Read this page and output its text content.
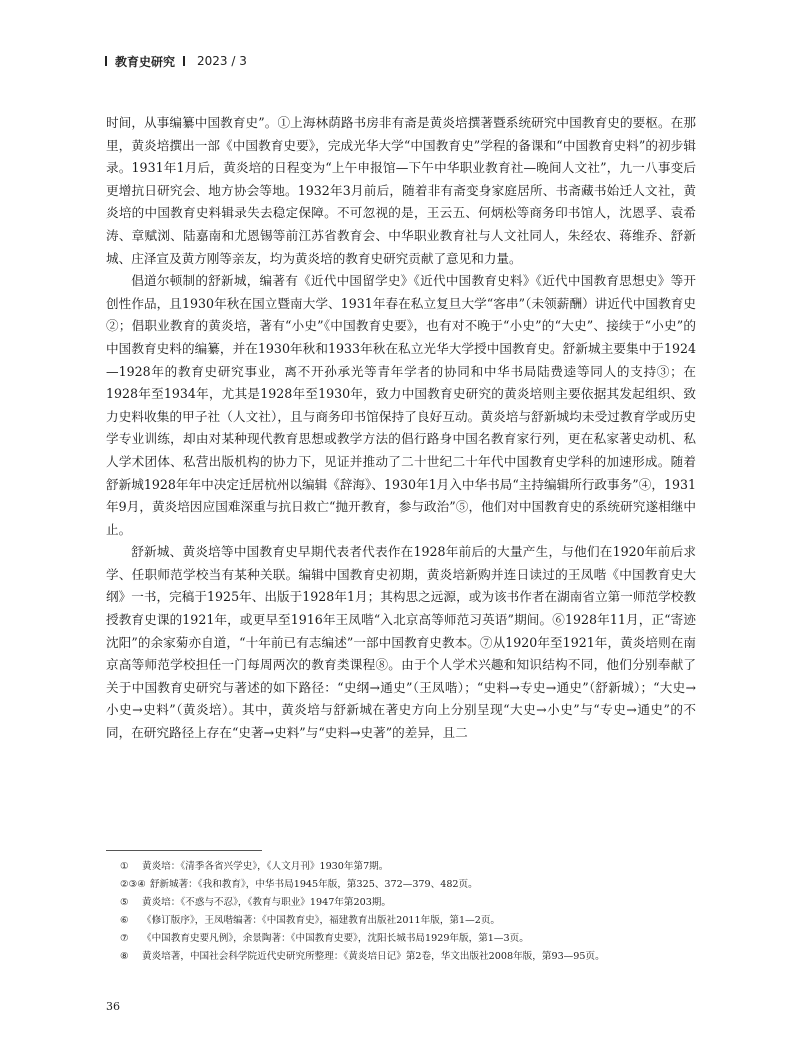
教育史研究 2023 / 3

时间，从事编纂中国教育史”。①上海林荫路书房非有斋是黄炎培撰著暨系统研究中国教育史的要枢。在那里，黄炎培撰出一部《中国教育史要》，完成光华大学“中国教育史”学程的备课和“中国教育史料”的初步辑录。1931年1月后，黄炎培的日程变为“上午申报馆—下午中华职业教育社—晚间人文社”，九一八事变后更增抗日研究会、地方协会等地。1932年3月前后，随着非有斋变身家庭居所、书斋藏书始迁人文社，黄炎培的中国教育史料辑录失去稳定保障。不可忽视的是，王云五、何炳松等商务印书馆人，沈恩孚、袁希涛、章赋浏、陆嘉南和尤恩锡等前江苏省教育会、中华职业教育社与人文社同人，朱经农、蒋维乔、舒新城、庄泽宣及黄方刚等亲友，均为黄炎培的教育史研究贡献了意见和力量。

倡道尔顿制的舒新城，编著有《近代中国留学史》《近代中国教育史料》《近代中国教育思想史》等开创性作品，且1930年秋在国立暨南大学、1931年春在私立复旦大学“客串”（未领薪酬）讲近代中国教育史②；倡职业教育的黄炎培，著有“小史”《中国教育史要》，也有对不晚于“小史”的“大史”、接续于“小史”的中国教育史料的编纂，并在1930年秋和1933年秋在私立光华大学授中国教育史。舒新城主要集中于1924—1928年的教育史研究事业，离不开孙承光等青年学者的协同和中华书局陆费逵等同人的支持③；在1928年至1934年，尤其是1928年至1930年，致力中国教育史研究的黄炎培则主要依据其发起组织、致力史料收集的甲子社（人文社），且与商务印书馆保持了良好互动。黄炎培与舒新城均未受过教育学或历史学专业训练，却由对某种现代教育思想或教学方法的倡行路身中国名教育家行列，更在私家著史动机、私人学术团体、私营出版机构的协力下，见证并推动了二十世纪二十年代中国教育史学科的加速形成。随着舒新城1928年年中决定迁居杭州以编辑《辞海》、1930年1月入中华书局“主持编辑所行政事务”④，1931年9月，黄炎培因应国难深重与抗日救亡“抛开教育，参与政治”⑤，他们对中国教育史的系统研究遂相继中止。

舒新城、黄炎培等中国教育史早期代表者代表作在1928年前后的大量产生，与他们在1920年前后求学、任职师范学校当有某种关联。编辑中国教育史初期，黄炎培新购并连日读过的王凤喈《中国教育史大纲》一书，完稿于1925年、出版于1928年1月；其构思之远源，或为该书作者在湖南省立第一师范学校教授教育史课的1921年，或更早至1916年王凤喈“入北京高等师范习英语”期间。⑥1928年11月，正“寄迹沈阳”的余家菊亦自道，“十年前已有志编述”一部中国教育史教本。⑦从1920年至1921年，黄炎培则在南京高等师范学校担任一门每周两次的教育类课程⑧。由于个人学术兴趣和知识结构不同，他们分别奉献了关于中国教育史研究与著述的如下路径：“史纲→通史”（王凤喈）；“史料→专史→通史”（舒新城）；“大史→小史→史料”（黄炎培）。其中，黄炎培与舒新城在著史方向上分别呈现“大史→小史”与“专史→通史”的不同，在研究路径上存在“史著→史料”与“史料→史著”的差异，且二

①	黄炎培：《清季各省兴学史》，《人文月刊》1930年第7期。
②③④ 舒新城著：《我和教育》，中华书局1945年版，第325、372—379、482页。
⑤	黄炎培：《不惑与不忍》，《教育与职业》1947年第203期。
⑥	《修订版序》，王凤喈编著：《中国教育史》，福建教育出版社2011年版，第1—2页。
⑦	《中国教育史要凡例》，余景陶著：《中国教育史要》，沈阳长城书局1929年版，第1—3页。
⑧	黄炎培著，中国社会科学院近代史研究所整理：《黄炎培日记》第2卷，华文出版社2008年版，第93—95页。
36
